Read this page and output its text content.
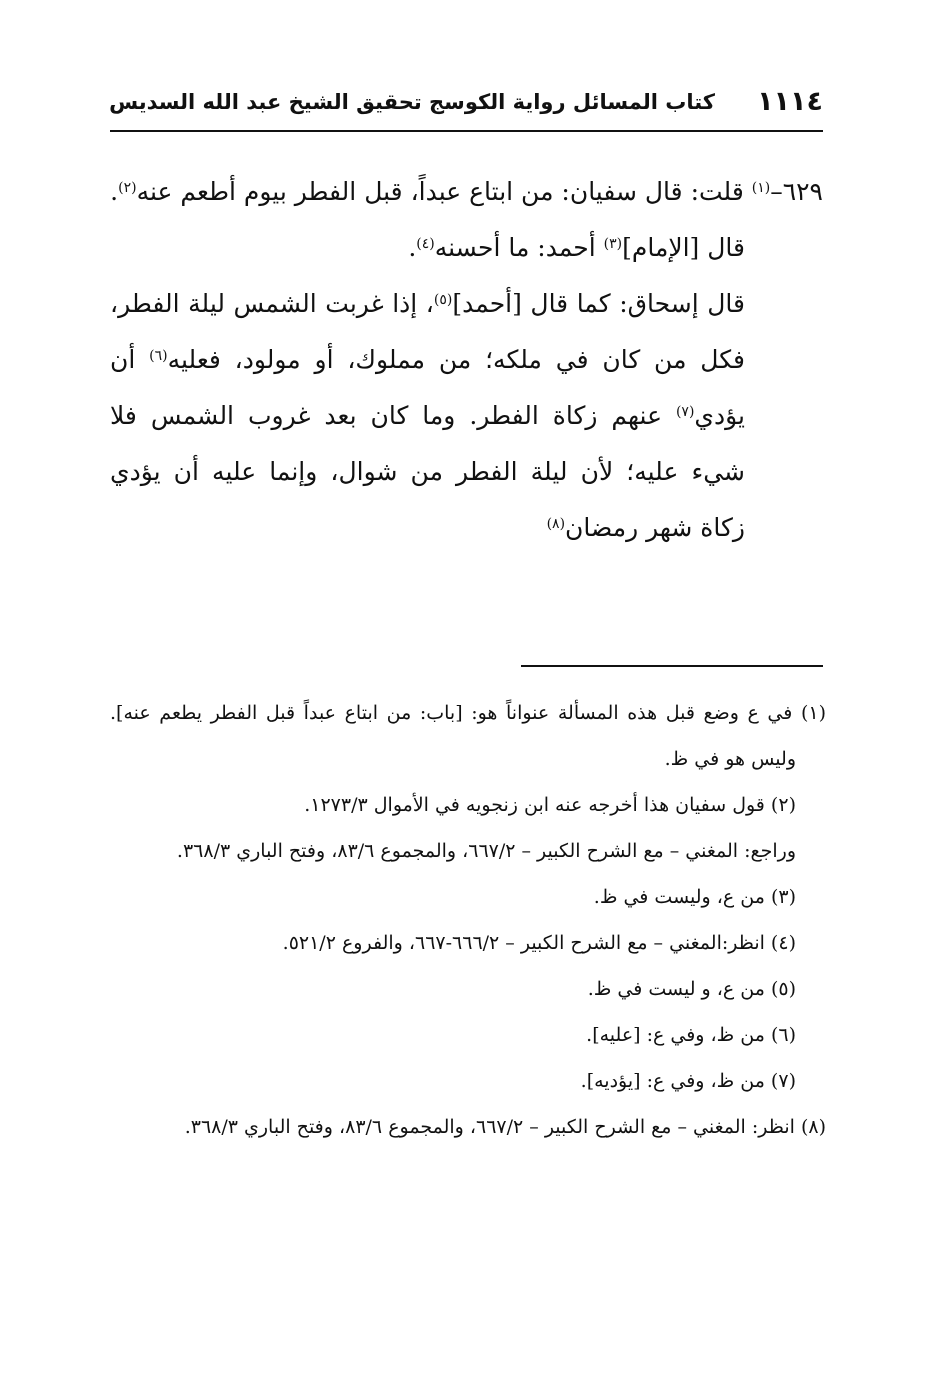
١١١٤
كتاب المسائل رواية الكوسج تحقيق الشيخ عبد الله السديس

٦٢٩–$^{(١)}$ قلت: قال سفيان: من ابتاع عبداً، قبل الفطر بيوم أطعم عنه$^{(٢)}$.

قال [الإمام]$^{(٣)}$ أحمد: ما أحسنه$^{(٤)}$.

قال إسحاق: كما قال [أحمد]$^{(٥)}$، إذا غربت الشمس ليلة الفطر، فكل من كان في ملكه؛ من مملوك، أو مولود، فعليه$^{(٦)}$ أن يؤدي$^{(٧)}$ عنهم زكاة الفطر. وما كان بعد غروب الشمس فلا شيء عليه؛ لأن ليلة الفطر من شوال، وإنما عليه أن يؤدي زكاة شهر رمضان$^{(٨)}$

(١) في ع وضع قبل هذه المسألة عنواناً هو: [باب: من ابتاع عبداً قبل الفطر يطعم عنه]. وليس هو في ظ.

(٢) قول سفيان هذا أخرجه عنه ابن زنجويه في الأموال ١٢٧٣/٣.

وراجع: المغني – مع الشرح الكبير – ٦٦٧/٢، والمجموع ٨٣/٦، وفتح الباري ٣٦٨/٣.

(٣) من ع، وليست في ظ.

(٤) انظر:المغني – مع الشرح الكبير – ٦٦٦/٢-٦٦٧، والفروع ٥٢١/٢.

(٥) من ع، و ليست في ظ.

(٦) من ظ، وفي ع: [عليه].

(٧) من ظ، وفي ع: [يؤديه].

(٨) انظر: المغني – مع الشرح الكبير – ٦٦٧/٢، والمجموع ٨٣/٦، وفتح الباري ٣٦٨/٣.
